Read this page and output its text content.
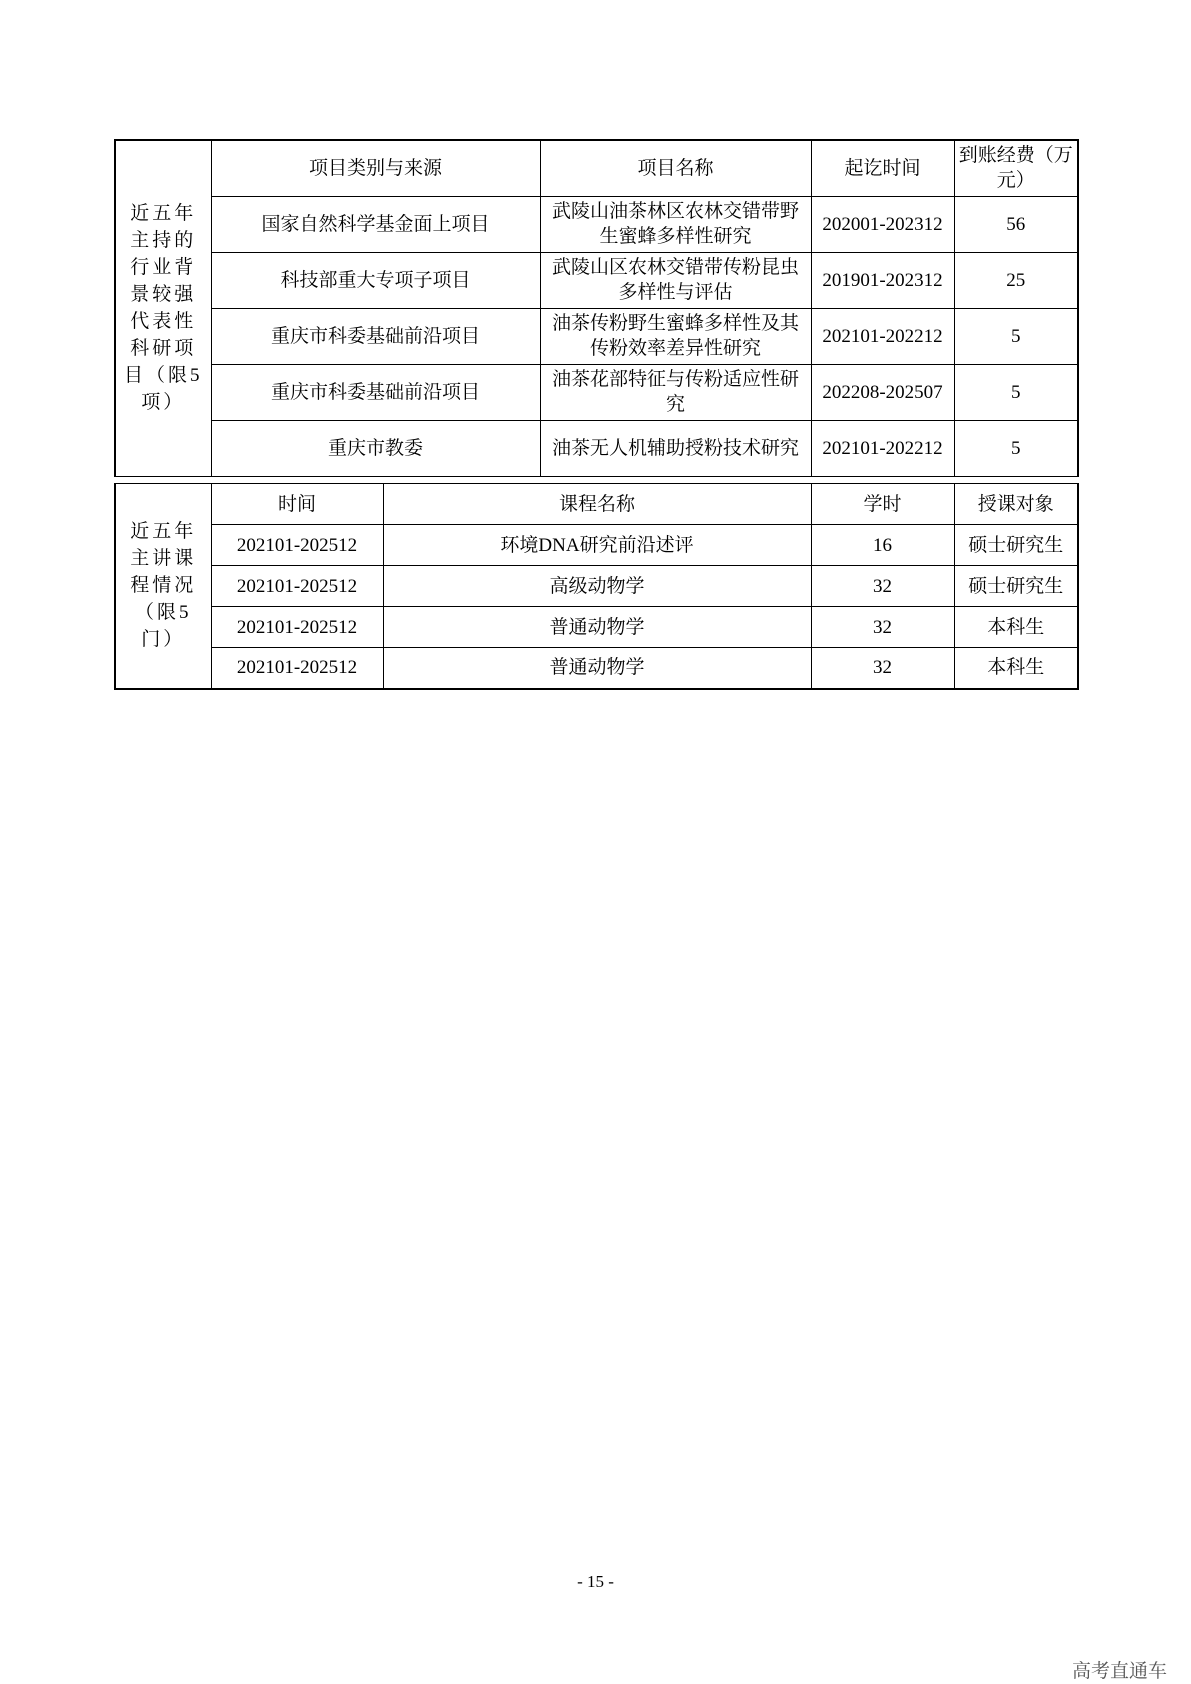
近五年主持的行业背景较强代表性科研项目（限5项）	项目类别与来源	项目名称	起讫时间	到账经费（万元）
	国家自然科学基金面上项目	武陵山油茶林区农林交错带野生蜜蜂多样性研究	202001-202312	56
	科技部重大专项子项目	武陵山区农林交错带传粉昆虫多样性与评估	201901-202312	25
	重庆市科委基础前沿项目	油茶传粉野生蜜蜂多样性及其传粉效率差异性研究	202101-202212	5
	重庆市科委基础前沿项目	油茶花部特征与传粉适应性研究	202208-202507	5
	重庆市教委	油茶无人机辅助授粉技术研究	202101-202212	5
近五年主讲课程情况（限5门）	时间	课程名称	学时	授课对象
	202101-202512	环境DNA研究前沿述评	16	硕士研究生
	202101-202512	高级动物学	32	硕士研究生
	202101-202512	普通动物学	32	本科生
	202101-202512	普通动物学	32	本科生
- 15 -
高考直通车
